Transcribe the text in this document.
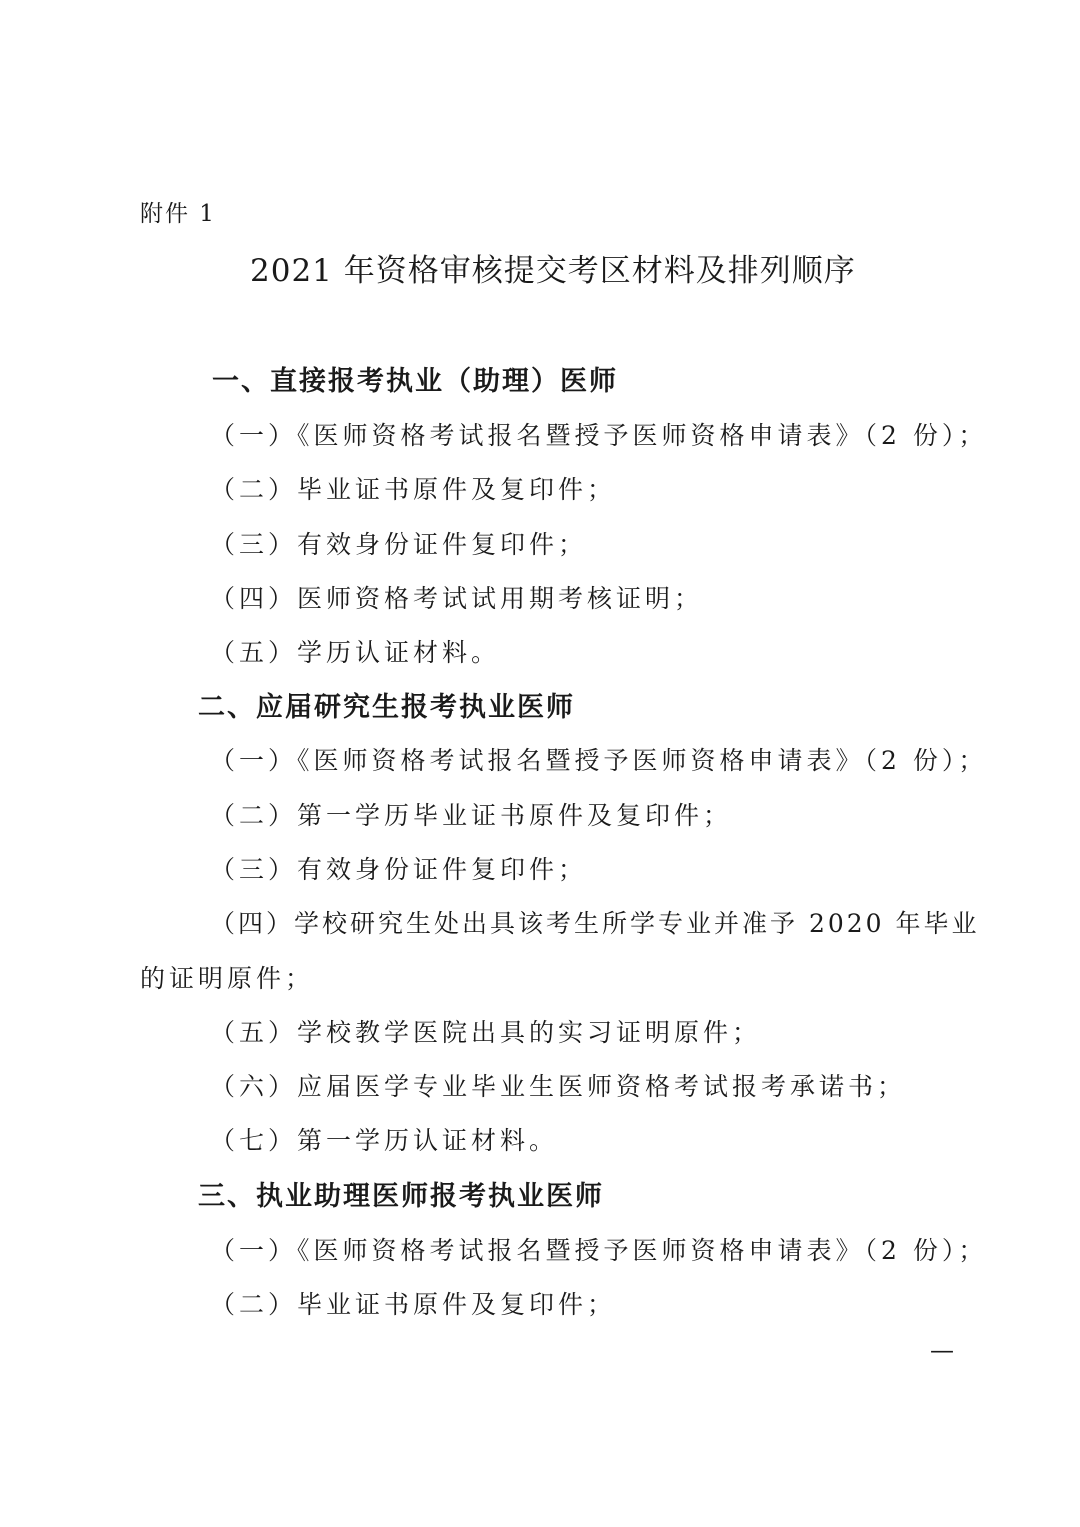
附件 1
2021 年资格审核提交考区材料及排列顺序
一、直接报考执业（助理）医师
（一）《医师资格考试报名暨授予医师资格申请表》（2 份）；
（二）毕业证书原件及复印件；
（三）有效身份证件复印件；
（四）医师资格考试试用期考核证明；
（五）学历认证材料。
二、应届研究生报考执业医师
（一）《医师资格考试报名暨授予医师资格申请表》（2 份）；
（二）第一学历毕业证书原件及复印件；
（三）有效身份证件复印件；
（四）学校研究生处出具该考生所学专业并准予 2020 年毕业
的证明原件；
（五）学校教学医院出具的实习证明原件；
（六）应届医学专业毕业生医师资格考试报考承诺书；
（七）第一学历认证材料。
三、执业助理医师报考执业医师
（一）《医师资格考试报名暨授予医师资格申请表》（2 份）；
（二）毕业证书原件及复印件；
—
